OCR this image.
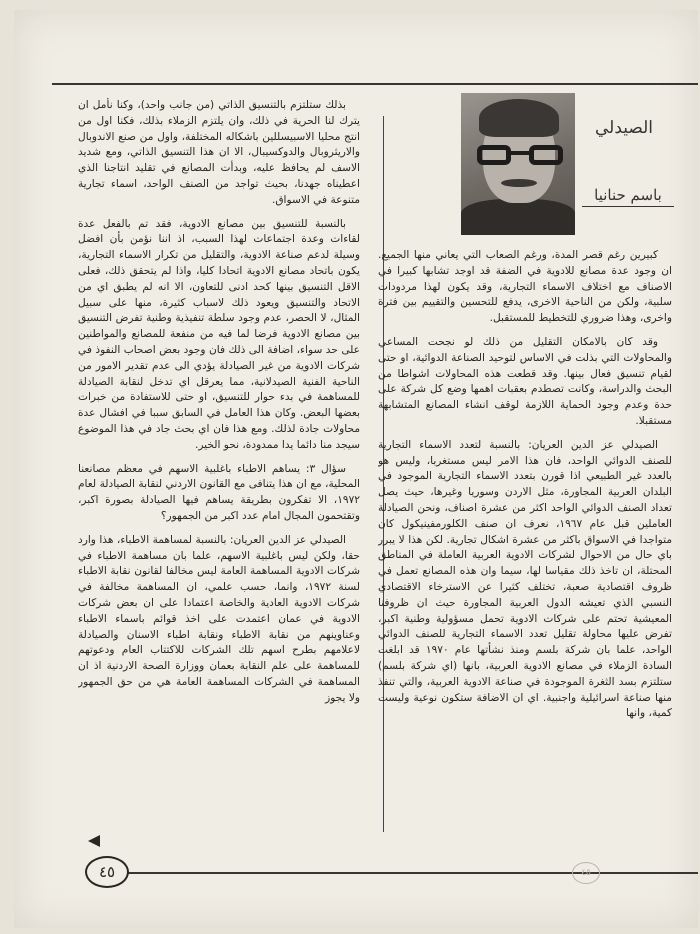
الصيدلي
باسم حنانيا

بذلك ستلتزم بالتنسيق الذاتي (من جانب واحد)، وكنا نأمل ان يترك لنا الحرية في ذلك، وان يلتزم الزملاء بذلك، فكنا اول من انتج محليا الاسبيسللين باشكاله المختلفة، واول من صنع الاندوبال والاريثروبال والدوكسيبال، الا ان هذا التنسيق الذاتي، ومع شديد الاسف لم يحافظ عليه، وبدأت المصانع في تقليد انتاجنا الذي اعطيناه جهدنا، بحيث تواجد من الصنف الواحد، اسماء تجارية متنوعة في الاسواق.

بالنسبة للتنسيق بين مصانع الادوية، فقد تم بالفعل عدة لقاءات وعدة اجتماعات لهذا السبب، اذ اننا نؤمن بأن افضل وسيلة لدعم صناعة الادوية، والتقليل من تكرار الاسماء التجارية، يكون باتحاد مصانع الادوية اتحادا كليا، واذا لم يتحقق ذلك، فعلى الاقل التنسيق بينها كحد ادنى للتعاون، الا انه لم يطبق اي من الاتحاد والتنسيق ويعود ذلك لاسباب كثيرة، منها على سبيل المثال، لا الحصر، عدم وجود سلطة تنفيذية وطنية تفرض التنسيق بين مصانع الادوية فرضا لما فيه من منفعة للمصانع والمواطنين على حد سواء، اضافة الى ذلك فان وجود بعض اصحاب النفوذ في شركات الادوية من غير الصيادلة يؤدي الى عدم تقدير الامور من الناحية الفنية الصيدلانية، مما يعرقل اي تدخل لنقابة الصيادلة للمساهمة في بدء حوار للتنسيق، او حتى للاستفادة من خبرات بعضها البعض. وكان هذا العامل في السابق سببا في افشال عدة محاولات جادة لذلك. ومع هذا فان اي بحث جاد في هذا الموضوع سيجد منا دائما يدا ممدودة، نحو الخير.

سؤال ٣: يساهم الاطباء باغلبية الاسهم في معظم مصانعنا المحلية، مع ان هذا يتنافى مع القانون الاردني لنقابة الصيادلة لعام ١٩٧٢، الا تفكرون بطريقة يساهم فيها الصيادلة بصورة اكبر، وتقتحمون المجال امام عدد اكبر من الجمهور؟

الصيدلي عز الدين العريان: بالنسبة لمساهمة الاطباء، هذا وارد حقا، ولكن ليس باغلبية الاسهم، علما بان مساهمة الاطباء في شركات الادوية المساهمة العامة ليس مخالفا لقانون نقابة الاطباء لسنة ١٩٧٢، وانما، حسب علمي، ان المساهمة مخالفة في شركات الادوية العادية والخاصة اعتمادا على ان بعض شركات الادوية في عمان اعتمدت على اخذ قوائم باسماء الاطباء وعناوينهم من نقابة الاطباء ونقابة اطباء الاسنان والصيادلة لاعلامهم بطرح اسهم تلك الشركات للاكتتاب العام ودعوتهم للمساهمة على علم النقابة بعمان ووزارة الصحة الاردنية اذ ان المساهمة في الشركات المساهمة العامة هي من حق الجمهور ولا يجوز

كبيرين رغم قصر المدة، ورغم الصعاب التي يعاني منها الجميع. ان وجود عدة مصانع للادوية في الضفة قد اوجد تشابها كبيرا في الاصناف مع اختلاف الاسماء التجارية، وقد يكون لهذا مردودات سلبية، ولكن من الناحية الاخرى، يدفع للتحسين والتقييم بين فترة واخرى، وهذا ضروري للتخطيط للمستقبل.

وقد كان بالامكان التقليل من ذلك لو نجحت المساعي والمحاولات التي بذلت في الاساس لتوحيد الصناعة الدوائية، او حتى لقيام تنسيق فعال بينها. وقد قطعت هذه المحاولات اشواطا من البحث والدراسة، وكانت تصطدم بعقبات اهمها وضع كل شركة على حدة وعدم وجود الحماية اللازمة لوقف انشاء المصانع المتشابهة مستقبلا.

الصيدلي عز الدين العريان: بالنسبة لتعدد الاسماء التجارية للصنف الدوائي الواحد، فان هذا الامر ليس مستغربا، وليس هو بالعدد غير الطبيعي اذا قورن بتعدد الاسماء التجارية الموجود في البلدان العربية المجاورة، مثل الاردن وسوريا وغيرها، حيث يصل تعداد الصنف الدوائي الواحد اكثر من عشرة اصناف، ونحن الصيادلة العاملين قبل عام ١٩٦٧، نعرف ان صنف الكلورمفينيكول كان متواجدا في الاسواق باكثر من عشرة اشكال تجارية. لكن هذا لا يبرر باي حال من الاحوال لشركات الادوية العربية العاملة في المناطق المحتلة، ان تاخذ ذلك مقياسا لها، سيما وان هذه المصانع تعمل في ظروف اقتصادية صعبة، تختلف كثيرا عن الاسترخاء الاقتصادي النسبي الذي تعيشه الدول العربية المجاورة حيث ان ظروفنا المعيشية تحتم على شركات الادوية تحمل مسؤولية وطنية اكبر، تفرض عليها محاولة تقليل تعدد الاسماء التجارية للصنف الدوائي الواحد، علما بان شركة بلسم ومنذ نشأتها عام ١٩٧٠ قد ابلغت السادة الزملاء في مصانع الادوية العربية، بانها (اي شركة بلسم) ستلتزم بسد الثغرة الموجودة في صناعة الادوية العربية، والتي تنفذ منها صناعة اسرائيلية واجنبية. اي ان الاضافة ستكون نوعية وليست كمية، وانها

٤٥	٤٥
